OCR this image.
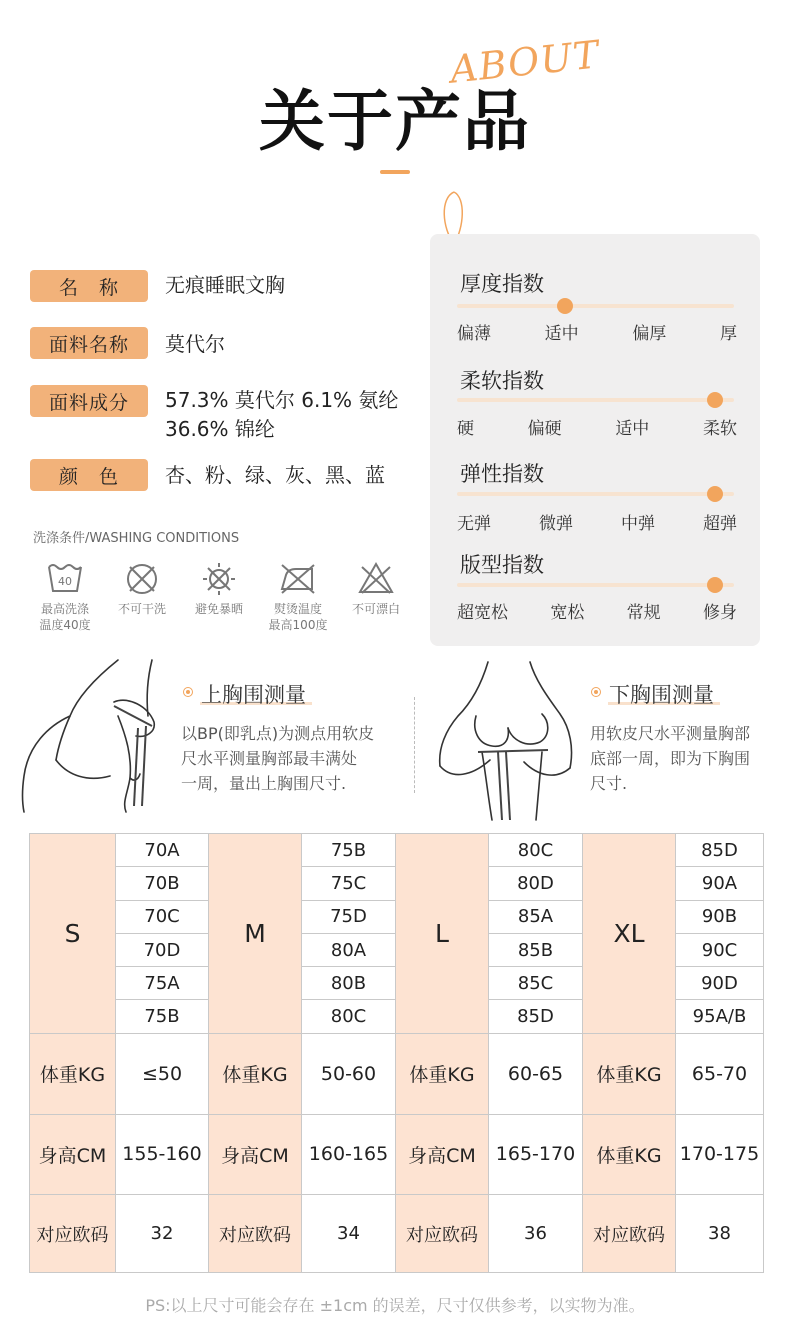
关于产品
ABOUT
名　称	无痕睡眠文胸
面料名称	莫代尔
面料成分	57.3% 莫代尔 6.1% 氨纶
36.6% 锦纶
颜　色	杏、粉、绿、灰、黑、蓝
洗涤条件/WASHING CONDITIONS
40
最高洗涤
温度40度
不可干洗	避免暴晒	熨烫温度
最高100度
不可漂白
厚度指数
偏薄	适中	偏厚	厚
柔软指数
硬	偏硬	适中	柔软
弹性指数
无弹	微弹	中弹	超弹
版型指数
超宽松 宽松 常规 修身
上胸围测量
以BP(即乳点)为测点用软皮
尺水平测量胸部最丰满处
一周，量出上胸围尺寸.
下胸围测量
用软皮尺水平测量胸部
底部一周，即为下胸围
尺寸.
S	70A	M	75B	L	80C	XL	85D
	70B		75C		80D		90A
	70C		75D		85A		90B
	70D		80A		85B		90C
	75A		80B		85C		90D
	75B		80C		85D		95A/B
体重KG	≤50	体重KG	50-60	体重KG	60-65	体重KG	65-70
身高CM	155-160	身高CM	160-165	身高CM	165-170	体重KG	170-175
对应欧码	32	对应欧码	34	对应欧码	36	对应欧码	38
PS:以上尺寸可能会存在 ±1cm 的误差，尺寸仅供参考，以实物为准。
